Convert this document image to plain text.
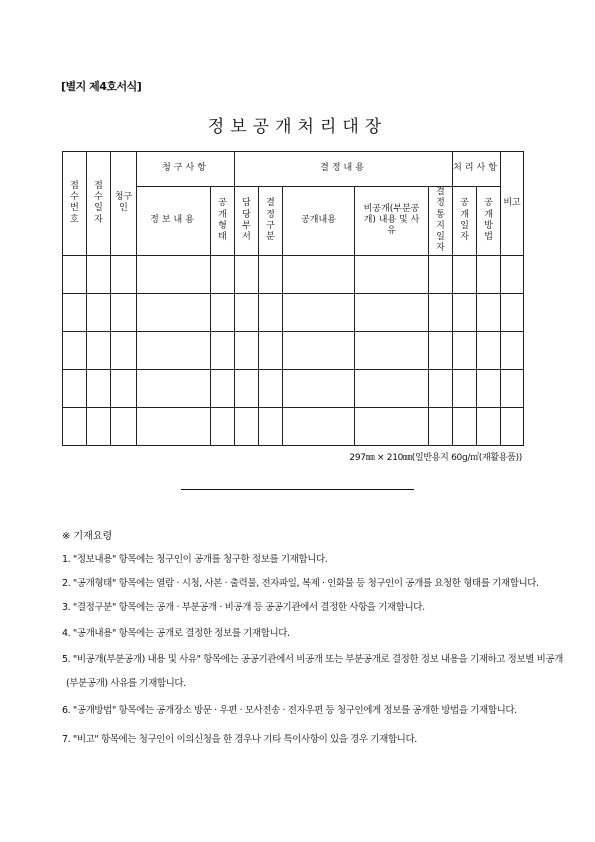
[별지 제4호서식]
정보공개처리대장
접수번호	접수일자	청구인	청구사항		결정내용					처리사항		비고
			정보내용	공개형태	담당부서	결정구분	공개내용	비공개(부분공개) 내용 및 사유	결정통지일자	공개일자	공개방법	

297㎜ × 210㎜(일반용지 60g/㎡(재활용품))
※ 기재요령
1. "정보내용" 항목에는 청구인이 공개를 청구한 정보를 기재합니다.
2. "공개형태" 항목에는 열람 · 시청, 사본 · 출력물, 전자파일, 복제 · 인화물 등 청구인이 공개를 요청한 형태를 기재합니다.
3. "결정구분" 항목에는 공개 · 부분공개 · 비공개 등 공공기관에서 결정한 사항을 기재합니다.
4. "공개내용" 항목에는 공개로 결정한 정보를 기재합니다.
5. "비공개(부분공개) 내용 및 사유" 항목에는 공공기관에서 비공개 또는 부분공개로 결정한 정보 내용을 기재하고 정보별 비공개
(부분공개) 사유를 기재합니다.
6. "공개방법" 항목에는 공개장소 방문 · 우편 · 모사전송 · 전자우편 등 청구인에게 정보를 공개한 방법을 기재합니다.
7. "비고" 항목에는 청구인이 이의신청을 한 경우나 기타 특이사항이 있을 경우 기재합니다.
